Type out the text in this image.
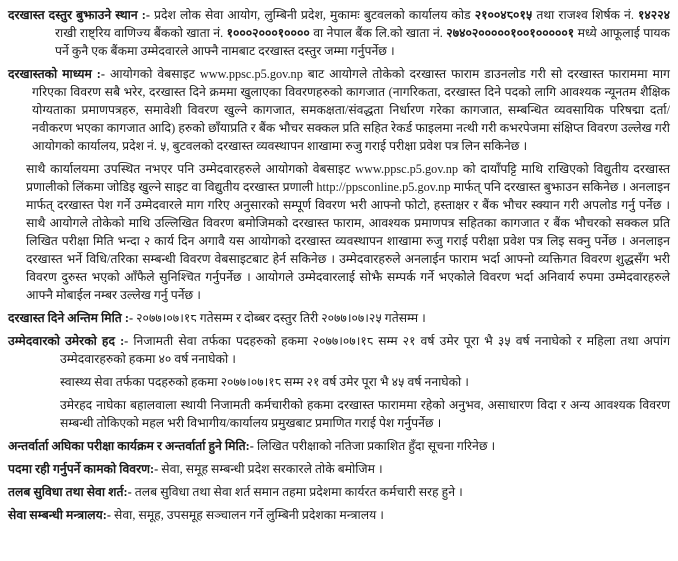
दरखास्त दस्तुर बुझाउने स्थान :- प्रदेश लोक सेवा आयोग, लुम्बिनी प्रदेश, मुकामः बुटवलको कार्यालय कोड २१००४८०१५ तथा राजश्व शिर्षक नं. १४२२४ राखी राष्ट्रिय वाणिज्य बैंकको खाता नं. १०००२०००१०००० वा नेपाल बैंक लि.को खाता नं. २७४०२०००००१००१०००००१ मध्ये आफूलाई पायक पर्ने कुनै एक बैंकमा उम्मेदवारले आफ्नै नामबाट दरखास्त दस्तुर जम्मा गर्नुपर्नेछ ।

दरखास्तको माध्यम :- आयोगको वेबसाइट www.ppsc.p5.gov.np बाट आयोगले तोकेको दरखास्त फाराम डाउनलोड गरी सो दरखास्त फाराममा माग गरिएका विवरण सबै भरेर, दरखास्त दिने क्रममा खुलाएका विवरणहरुको कागजात (नागरिकता, दरखास्त दिने पदको लागि आवश्यक न्यूनतम शैक्षिक योग्यताका प्रमाणपत्रहरु, समावेशी विवरण खुल्ने कागजात, समकक्षता/संवद्धता निर्धारण गरेका कागजात, सम्बन्धित व्यवसायिक परिषद्मा दर्ता/नवीकरण भएका कागजात आदि) हरुको छाँयाप्रति र बैंक भौचर सक्कल प्रति सहित रेकर्ड फाइलमा नत्थी गरी कभरपेजमा संक्षिप्त विवरण उल्लेख गरी आयोगको कार्यालय, प्रदेश नं. ५, बुटवलको दरखास्त व्यवस्थापन शाखामा रुजु गराई परीक्षा प्रवेश पत्र लिन सकिनेछ ।

साथै कार्यालयमा उपस्थित नभएर पनि उम्मेदवारहरुले आयोगको वेबसाइट www.ppsc.p5.gov.np को दायाँपट्टि माथि राखिएको विद्युतीय दरखास्त प्रणालीको लिंकमा जोडिइ खुल्ने साइट वा विद्युतीय दरखास्त प्रणाली http://ppsconline.p5.gov.np मार्फत् पनि दरखास्त बुझाउन सकिनेछ । अनलाइन मार्फत् दरखास्त पेश गर्ने उम्मेदवारले माग गरिए अनुसारको सम्पूर्ण विवरण भरी आफ्नो फोटो, हस्ताक्षर र बैंक भौचर स्क्यान गरी अपलोड गर्नु पर्नेछ । साथै आयोगले तोकेको माथि उल्लिखित विवरण बमोजिमको दरखास्त फाराम, आवश्यक प्रमाणपत्र सहितका कागजात र बैंक भौचरको सक्कल प्रति लिखित परीक्षा मिति भन्दा २ कार्य दिन अगावै यस आयोगको दरखास्त व्यवस्थापन शाखामा रुजु गराई परीक्षा प्रवेश पत्र लिइ सक्नु पर्नेछ । अनलाइन दरखास्त भर्ने विधि/तरिका सम्बन्धी विवरण वेबसाइटबाट हेर्न सकिनेछ । उम्मेदवारहरुले अनलाईन फाराम भर्दा आफ्नो व्यक्तिगत विवरण शुद्धसँग भरी विवरण दुरुस्त भएको आँफैले सुनिश्चित गर्नुपर्नेछ । आयोगले उम्मेदवारलाई सोझै सम्पर्क गर्ने भएकोले विवरण भर्दा अनिवार्य रुपमा उम्मेदवारहरुले आफ्नै मोबाईल नम्बर उल्लेख गर्नु पर्नेछ ।

दरखास्त दिने अन्तिम मिति :- २०७७।०७।१८ गतेसम्म र दोब्बर दस्तुर तिरी २०७७।०७।२५ गतेसम्म ।

उम्मेदवारको उमेरको हद :- निजामती सेवा तर्फका पदहरुको हकमा २०७७।०७।१८ सम्म २१ वर्ष उमेर पूरा भै ३५ वर्ष ननाघेको र महिला तथा अपांग उम्मेदवारहरुको हकमा ४० वर्ष ननाघेको ।

स्वास्थ्य सेवा तर्फका पदहरुको हकमा २०७७।०७।१८ सम्म २१ वर्ष उमेर पूरा भै ४५ वर्ष ननाघेको ।

उमेरहद नाघेका बहालवाला स्थायी निजामती कर्मचारीको हकमा दरखास्त फाराममा रहेको अनुभव, असाधारण विदा र अन्य आवश्यक विवरण सम्बन्धी तोकिएको महल भरी विभागीय/कार्यालय प्रमुखबाट प्रमाणित गराई पेश गर्नुपर्नेछ ।

अन्तर्वार्ता अघिका परीक्षा कार्यक्रम र अन्तर्वार्ता हुने मिति:- लिखित परीक्षाको नतिजा प्रकाशित हुँदा सूचना गरिनेछ ।

पदमा रही गर्नुपर्ने कामको विवरण:- सेवा, समूह सम्बन्धी प्रदेश सरकारले तोके बमोजिम ।

तलब सुविधा तथा सेवा शर्त:- तलब सुविधा तथा सेवा शर्त समान तहमा प्रदेशमा कार्यरत कर्मचारी सरह हुने ।

सेवा सम्बन्धी मन्त्रालय:- सेवा, समूह, उपसमूह सञ्चालन गर्ने लुम्बिनी प्रदेशका मन्त्रालय ।
